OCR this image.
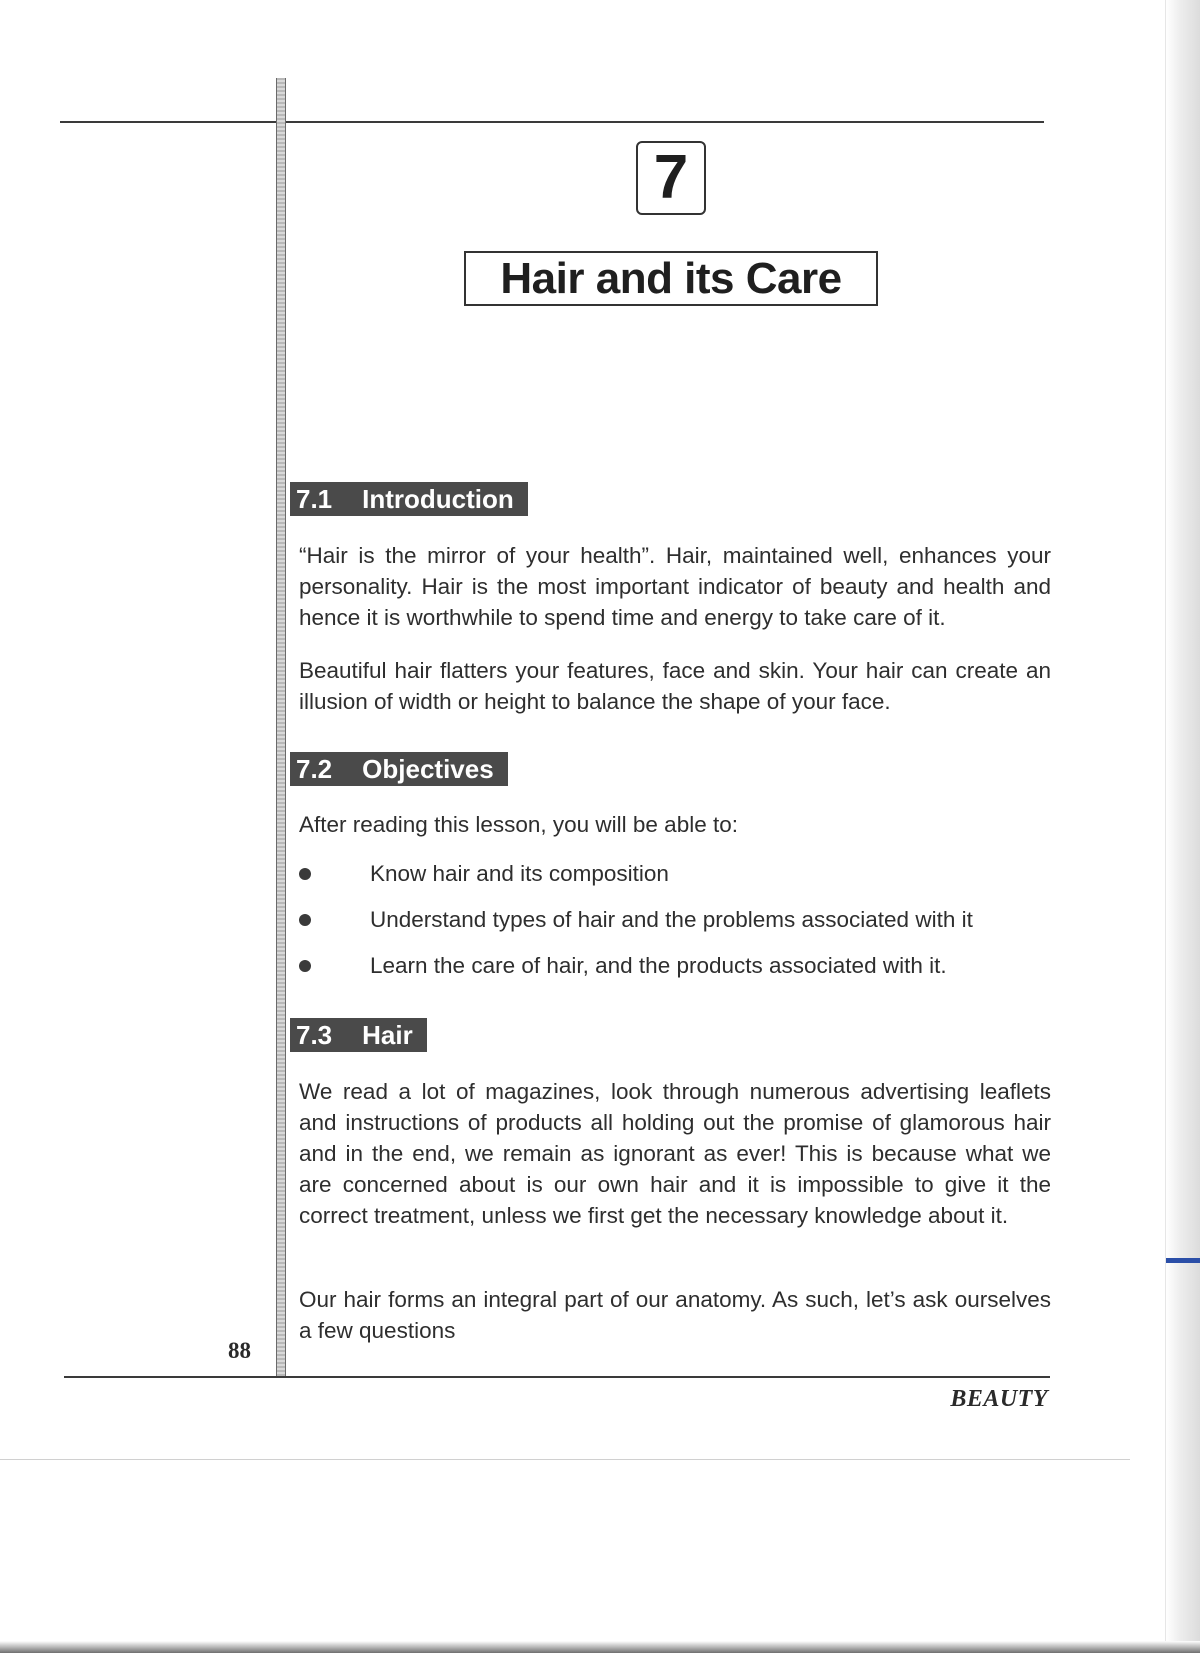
7
Hair and its Care
7.1 Introduction

“Hair is the mirror of your health”. Hair, maintained well, enhances your personality. Hair is the most important indicator of beauty and health and hence it is worthwhile to spend time and energy to take care of it.

Beautiful hair flatters your features, face and skin. Your hair can create an illusion of width or height to balance the shape of your face.

7.2 Objectives

After reading this lesson, you will be able to:

Know hair and its composition
Understand types of hair and the problems associated with it
Learn the care of hair, and the products associated with it.
7.3 Hair

We read a lot of magazines, look through numerous advertising leaflets and instructions of products all holding out the promise of glamorous hair and in the end, we remain as ignorant as ever! This is because what we are concerned about is our own hair and it is impossible to give it the correct treatment, unless we first get the necessary knowledge about it.

Our hair forms an integral part of our anatomy. As such, let’s ask ourselves a few questions

88
BEAUTY
